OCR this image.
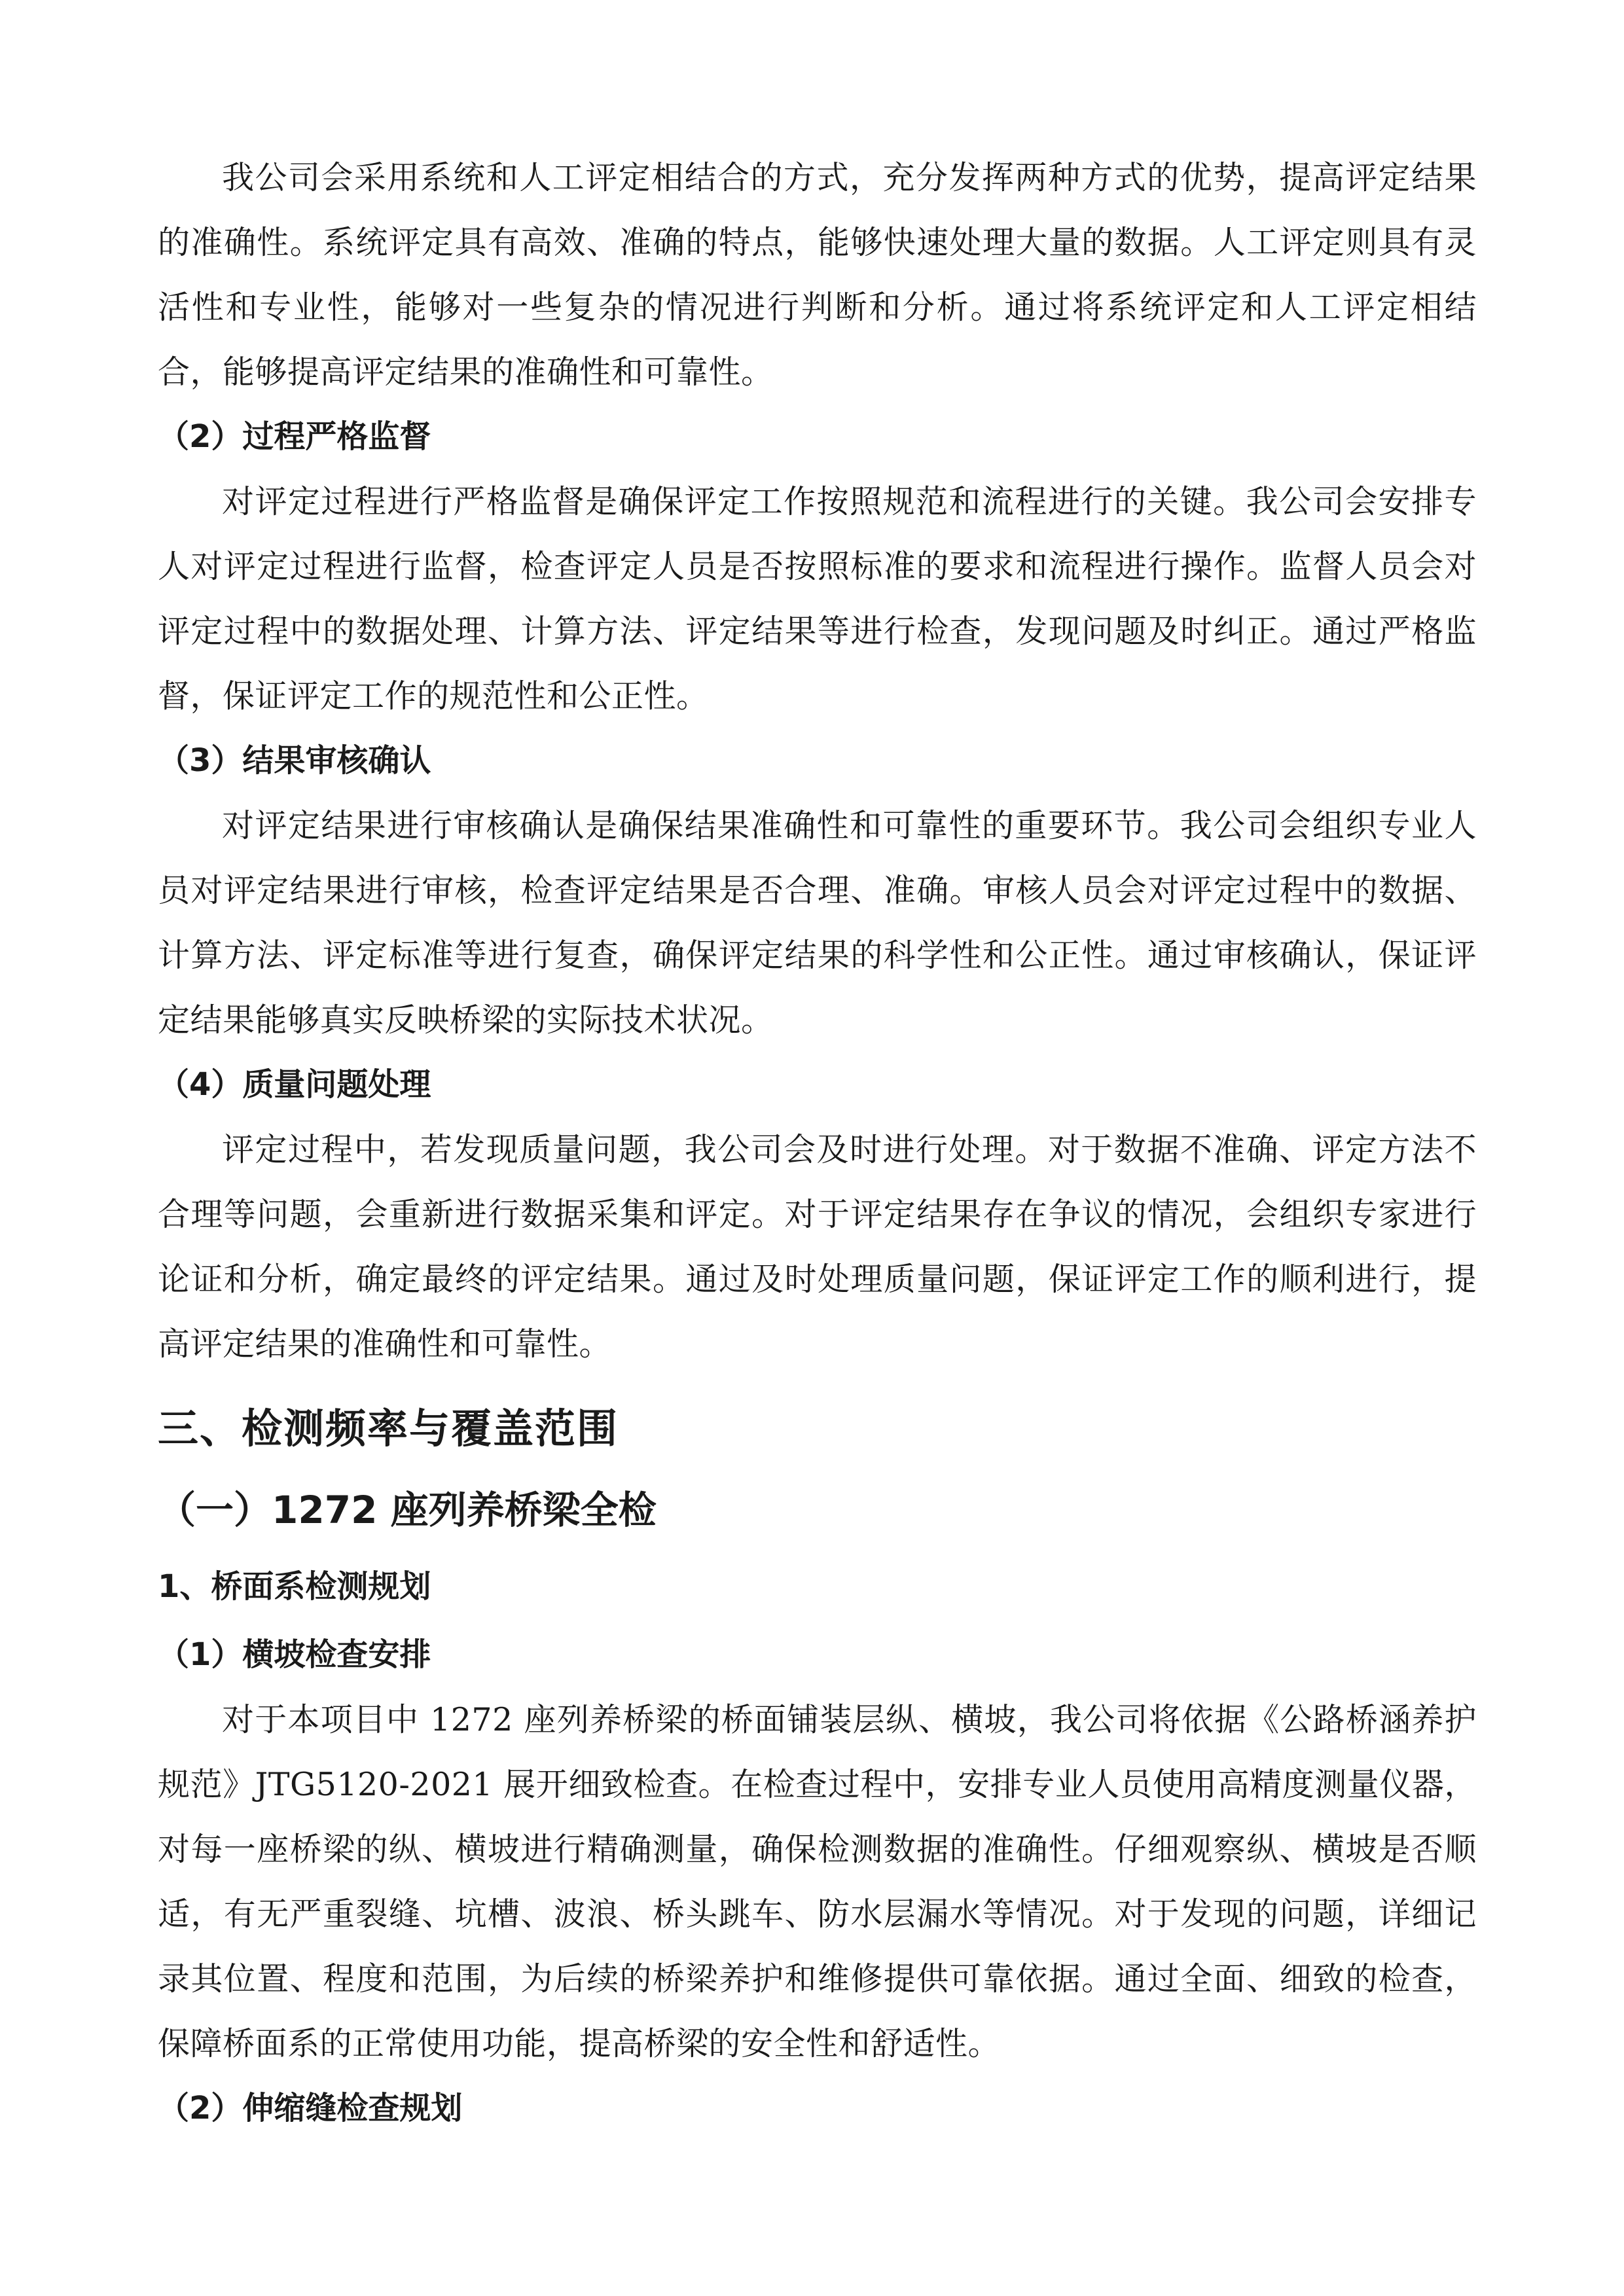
我公司会采用系统和人工评定相结合的方式，充分发挥两种方式的优势，提高评定结果的准确性。系统评定具有高效、准确的特点，能够快速处理大量的数据。人工评定则具有灵活性和专业性，能够对一些复杂的情况进行判断和分析。通过将系统评定和人工评定相结合，能够提高评定结果的准确性和可靠性。

（2）过程严格监督

对评定过程进行严格监督是确保评定工作按照规范和流程进行的关键。我公司会安排专人对评定过程进行监督，检查评定人员是否按照标准的要求和流程进行操作。监督人员会对评定过程中的数据处理、计算方法、评定结果等进行检查，发现问题及时纠正。通过严格监督，保证评定工作的规范性和公正性。

（3）结果审核确认

对评定结果进行审核确认是确保结果准确性和可靠性的重要环节。我公司会组织专业人员对评定结果进行审核，检查评定结果是否合理、准确。审核人员会对评定过程中的数据、计算方法、评定标准等进行复查，确保评定结果的科学性和公正性。通过审核确认，保证评定结果能够真实反映桥梁的实际技术状况。

（4）质量问题处理

评定过程中，若发现质量问题，我公司会及时进行处理。对于数据不准确、评定方法不合理等问题，会重新进行数据采集和评定。对于评定结果存在争议的情况，会组织专家进行论证和分析，确定最终的评定结果。通过及时处理质量问题，保证评定工作的顺利进行，提高评定结果的准确性和可靠性。

三、检测频率与覆盖范围
（一）1272 座列养桥梁全检
1、桥面系检测规划

（1）横坡检查安排

对于本项目中 1272 座列养桥梁的桥面铺装层纵、横坡，我公司将依据《公路桥涵养护规范》JTG5120-2021 展开细致检查。在检查过程中，安排专业人员使用高精度测量仪器，对每一座桥梁的纵、横坡进行精确测量，确保检测数据的准确性。仔细观察纵、横坡是否顺适，有无严重裂缝、坑槽、波浪、桥头跳车、防水层漏水等情况。对于发现的问题，详细记录其位置、程度和范围，为后续的桥梁养护和维修提供可靠依据。通过全面、细致的检查，保障桥面系的正常使用功能，提高桥梁的安全性和舒适性。

（2）伸缩缝检查规划
